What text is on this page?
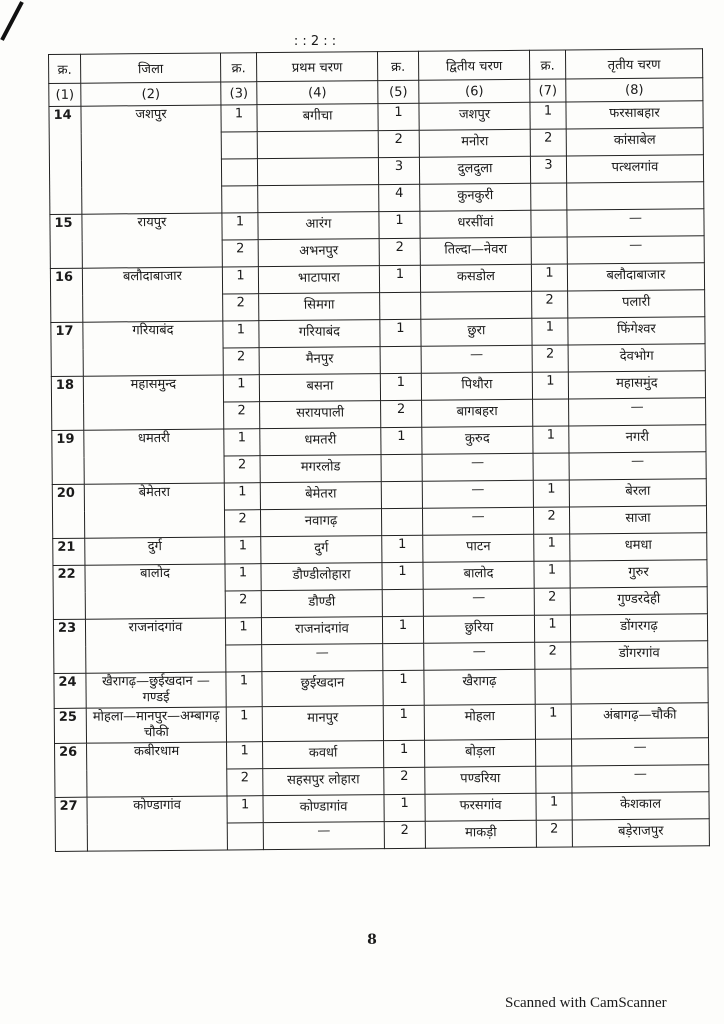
: : 2 : :
क्र.	जिला	क्र.	प्रथम चरण	क्र.	द्वितीय चरण	क्र.	तृतीय चरण
(1)	(2)	(3)	(4)	(5)	(6)	(7)	(8)
14	जशपुर	1	बगीचा	1	जशपुर	1	फरसाबहार
				2	मनोरा	2	कांसाबेल
				3	दुलदुला	3	पत्थलगांव
				4	कुनकुरी		
15	रायपुर	1	आरंग	1	धरसींवां		—
		2	अभनपुर	2	तिल्दा—नेवरा		—
16	बलौदाबाजार	1	भाटापारा	1	कसडोल	1	बलौदाबाजार
		2	सिमगा			2	पलारी
17	गरियाबंद	1	गरियाबंद	1	छुरा	1	फिंगेश्वर
		2	मैनपुर		—	2	देवभोग
18	महासमुन्द	1	बसना	1	पिथौरा	1	महासमुंद
		2	सरायपाली	2	बागबहरा		—
19	धमतरी	1	धमतरी	1	कुरुद	1	नगरी
		2	मगरलोड		—		—
20	बेमेतरा	1	बेमेतरा		—	1	बेरला
		2	नवागढ़		—	2	साजा
21	दुर्ग	1	दुर्ग	1	पाटन	1	धमधा
22	बालोद	1	डौण्डीलोहारा	1	बालोद	1	गुरुर
		2	डौण्डी		—	2	गुण्डरदेही
23	राजनांदगांव	1	राजनांदगांव	1	छुरिया	1	डोंगरगढ़
			—		—	2	डोंगरगांव
24	खैरागढ़—छुईखदान —गण्डई	1	छुईखदान	1	खैरागढ़		
25	मोहला—मानपुर—अम्बागढ़ चौकी	1	मानपुर	1	मोहला	1	अंबागढ़—चौकी
26	कबीरधाम	1	कवर्धा	1	बोड़ला		—
		2	सहसपुर लोहारा	2	पण्डरिया		—
27	कोण्डागांव	1	कोण्डागांव	1	फरसगांव	1	केशकाल
			—	2	माकड़ी	2	बड़ेराजपुर
8
Scanned with CamScanner
